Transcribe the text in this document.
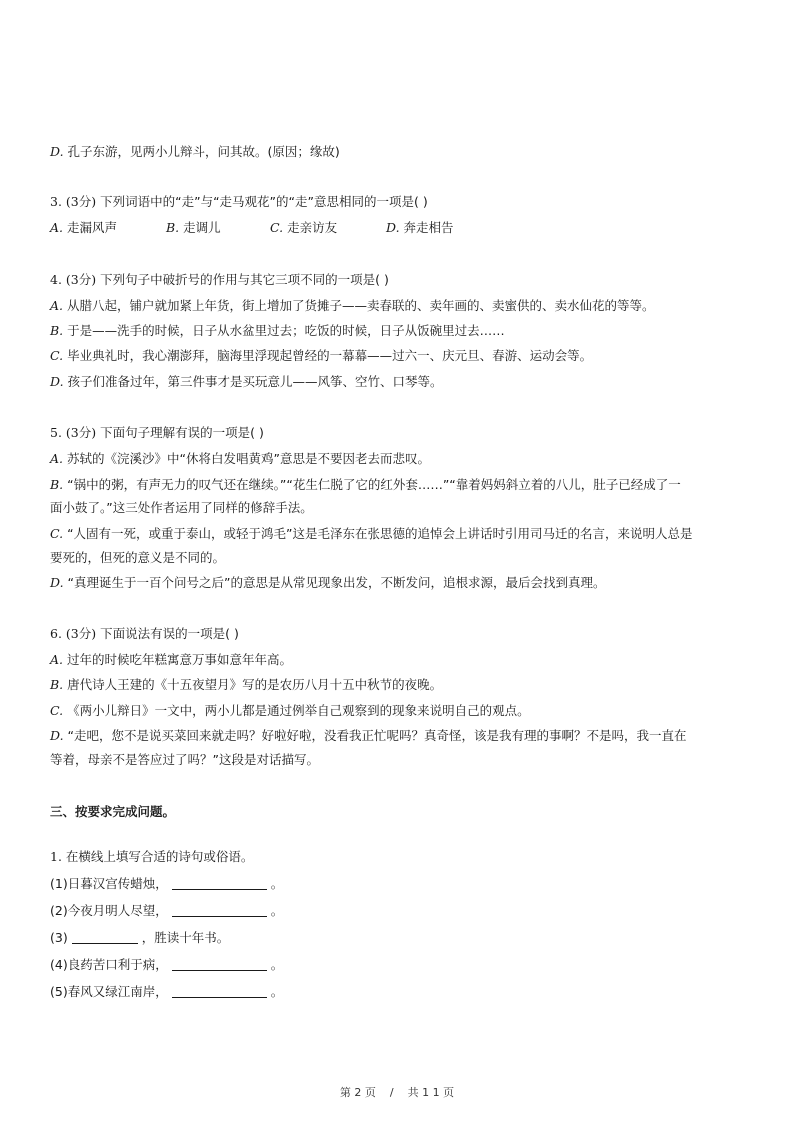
D. 孔子东游，见两小儿辩斗，问其故。(原因；缘故)
3. (3分) 下列词语中的“走”与“走马观花”的“走”意思相同的一项是( )
A. 走漏风声	B. 走调儿	C. 走亲访友	D. 奔走相告
4. (3分) 下列句子中破折号的作用与其它三项不同的一项是( )
A. 从腊八起，铺户就加紧上年货，街上增加了货摊子——卖春联的、卖年画的、卖蜜供的、卖水仙花的等等。
B. 于是——洗手的时候，日子从水盆里过去；吃饭的时候，日子从饭碗里过去……
C. 毕业典礼时，我心潮澎拜，脑海里浮现起曾经的一幕幕——过六一、庆元旦、春游、运动会等。
D. 孩子们准备过年，第三件事才是买玩意儿——风筝、空竹、口琴等。
5. (3分) 下面句子理解有误的一项是( )
A. 苏轼的《浣溪沙》中“休将白发唱黄鸡”意思是不要因老去而悲叹。
B. “锅中的粥，有声无力的叹气还在继续。”“花生仁脱了它的红外套……”“靠着妈妈斜立着的八儿，肚子已经成了一
面小鼓了。”这三处作者运用了同样的修辞手法。
C. “人固有一死，或重于泰山，或轻于鸿毛”这是毛泽东在张思德的追悼会上讲话时引用司马迁的名言，来说明人总是
要死的，但死的意义是不同的。
D. “真理诞生于一百个问号之后”的意思是从常见现象出发，不断发问，追根求源，最后会找到真理。
6. (3分) 下面说法有误的一项是( )
A. 过年的时候吃年糕寓意万事如意年年高。
B. 唐代诗人王建的《十五夜望月》写的是农历八月十五中秋节的夜晚。
C. 《两小儿辩日》一文中，两小儿都是通过例举自己观察到的现象来说明自己的观点。
D. “走吧，您不是说买菜回来就走吗？好啦好啦，没看我正忙呢吗？真奇怪，该是我有理的事啊？不是吗，我一直在
等着，母亲不是答应过了吗？”这段是对话描写。
三、按要求完成问题。
1. 在横线上填写合适的诗句或俗语。
(1)日暮汉宫传蜡烛，	。
(2)今夜月明人尽望，	。
(3)	，胜读十年书。
(4)良药苦口利于病，	。
(5)春风又绿江南岸，	。
第 2 页    /    共 1 1 页
